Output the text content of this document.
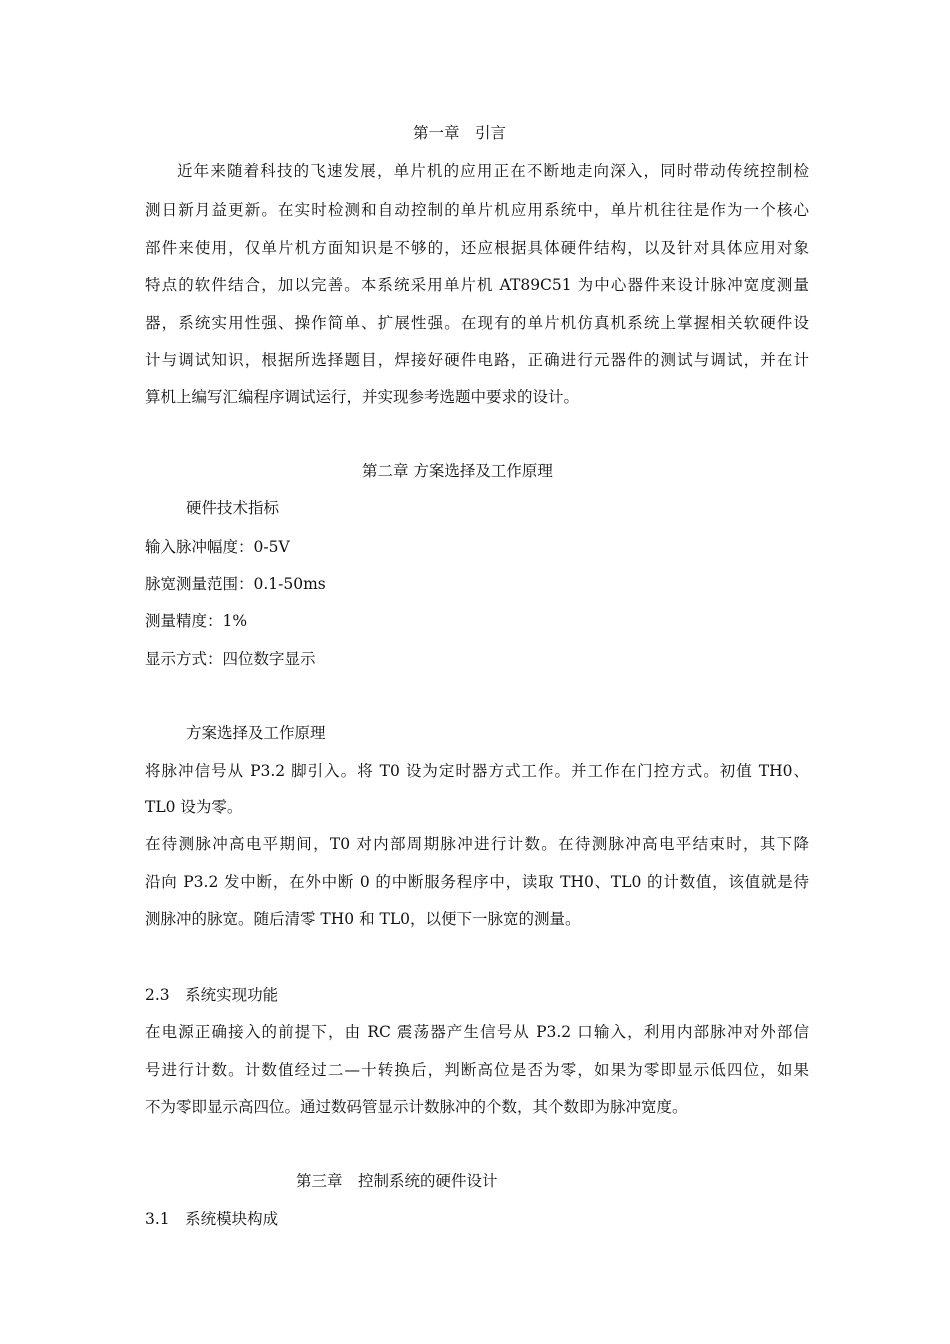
第一章　引言
近年来随着科技的飞速发展，单片机的应用正在不断地走向深入，同时带动传统控制检
测日新月益更新。在实时检测和自动控制的单片机应用系统中，单片机往往是作为一个核心
部件来使用，仅单片机方面知识是不够的，还应根据具体硬件结构，以及针对具体应用对象
特点的软件结合，加以完善。本系统采用单片机 AT89C51 为中心器件来设计脉冲宽度测量
器，系统实用性强、操作简单、扩展性强。在现有的单片机仿真机系统上掌握相关软硬件设
计与调试知识，根据所选择题目，焊接好硬件电路，正确进行元器件的测试与调试，并在计
算机上编写汇编程序调试运行，并实现参考选题中要求的设计。
第二章 方案选择及工作原理
硬件技术指标
输入脉冲幅度：0-5V
脉宽测量范围：0.1-50ms
测量精度：1%
显示方式：四位数字显示
方案选择及工作原理
将脉冲信号从 P3.2 脚引入。将 T0 设为定时器方式工作。并工作在门控方式。初值 TH0、
TL0 设为零。
在待测脉冲高电平期间，T0 对内部周期脉冲进行计数。在待测脉冲高电平结束时，其下降
沿向 P3.2 发中断，在外中断 0 的中断服务程序中，读取 TH0、TL0 的计数值，该值就是待
测脉冲的脉宽。随后清零 TH0 和 TL0，以便下一脉宽的测量。
2.3　系统实现功能
在电源正确接入的前提下，由 RC 震荡器产生信号从 P3.2 口输入，利用内部脉冲对外部信
号进行计数。计数值经过二—十转换后，判断高位是否为零，如果为零即显示低四位，如果
不为零即显示高四位。通过数码管显示计数脉冲的个数，其个数即为脉冲宽度。
第三章　控制系统的硬件设计
3.1　系统模块构成
